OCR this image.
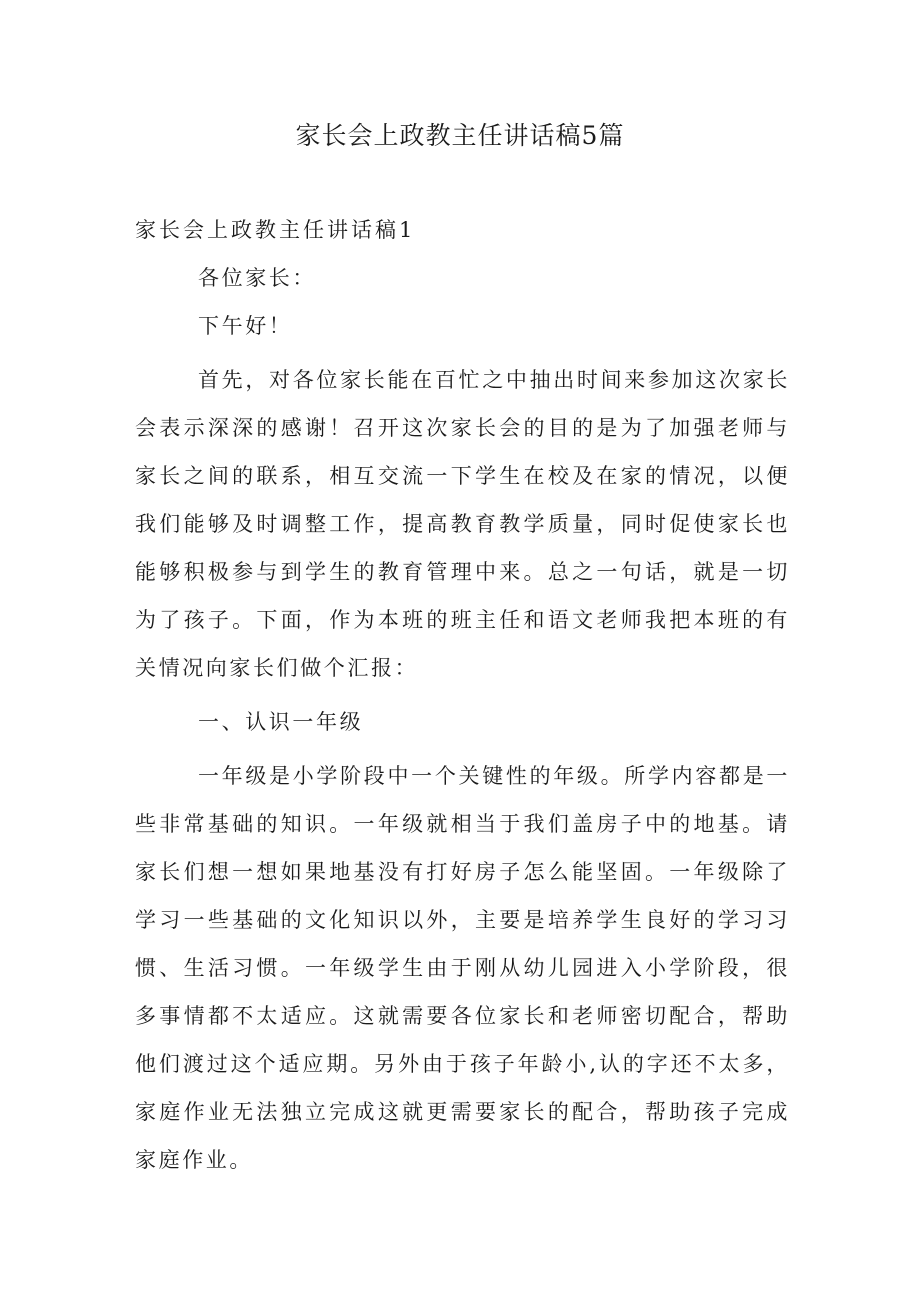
家长会上政教主任讲话稿5篇
家长会上政教主任讲话稿1

各位家长：

下午好！

首先，对各位家长能在百忙之中抽出时间来参加这次家长会表示深深的感谢！召开这次家长会的目的是为了加强老师与家长之间的联系，相互交流一下学生在校及在家的情况，以便我们能够及时调整工作，提高教育教学质量，同时促使家长也能够积极参与到学生的教育管理中来。总之一句话，就是一切为了孩子。下面，作为本班的班主任和语文老师我把本班的有关情况向家长们做个汇报：

一、认识一年级

一年级是小学阶段中一个关键性的年级。所学内容都是一些非常基础的知识。一年级就相当于我们盖房子中的地基。请家长们想一想如果地基没有打好房子怎么能坚固。一年级除了学习一些基础的文化知识以外，主要是培养学生良好的学习习惯、生活习惯。一年级学生由于刚从幼儿园进入小学阶段，很多事情都不太适应。这就需要各位家长和老师密切配合，帮助他们渡过这个适应期。另外由于孩子年龄小,认的字还不太多，家庭作业无法独立完成这就更需要家长的配合，帮助孩子完成家庭作业。
